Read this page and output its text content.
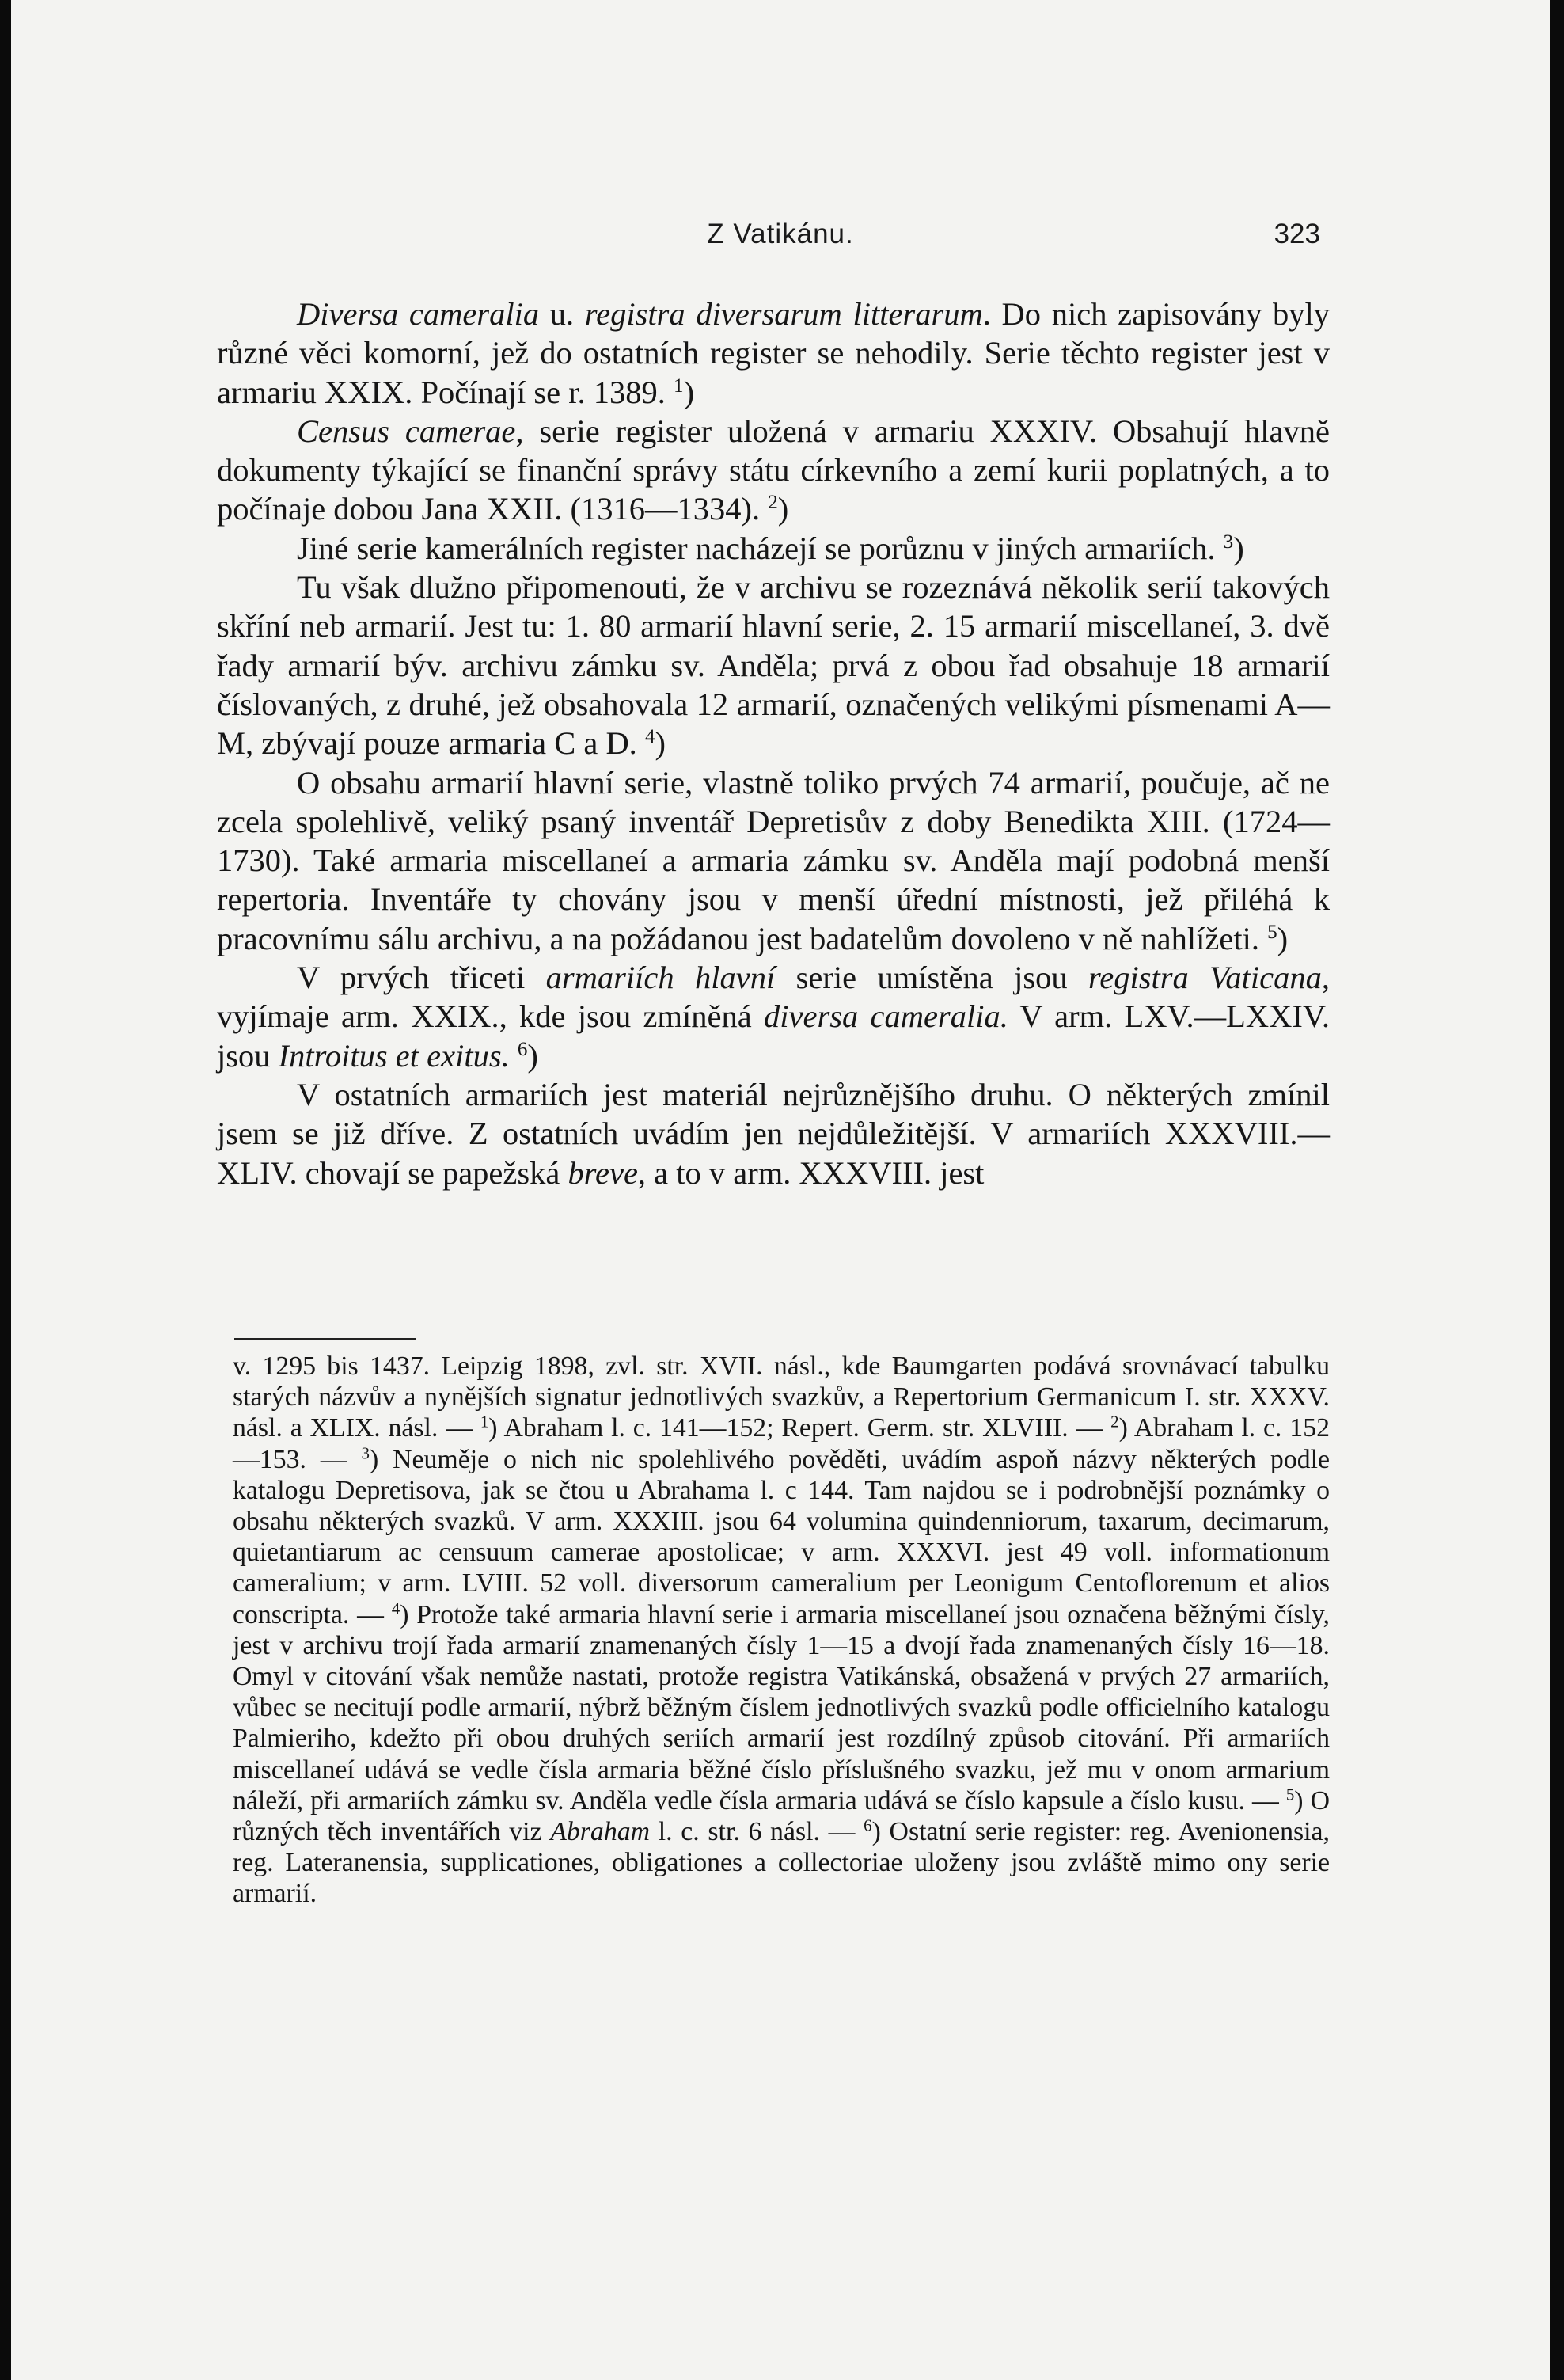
Z Vatikánu.	323

Diversa cameralia u. registra diversarum litterarum. Do nich zapisovány byly různé věci komorní, jež do ostatních register se nehodily. Serie těchto register jest v armariu XXIX. Počínají se r. 1389. $^1$)

Census camerae, serie register uložená v armariu XXXIV. Obsahují hlavně dokumenty týkající se finanční správy státu církevního a zemí kurii poplatných, a to počínaje dobou Jana XXII. (1316—1334). $^2$)

Jiné serie kamerálních register nacházejí se porůznu v jiných armariích. $^3$)

Tu však dlužno připomenouti, že v archivu se rozeznává několik serií takových skříní neb armarií. Jest tu: 1. 80 armarií hlavní serie, 2. 15 armarií miscellaneí, 3. dvě řady armarií býv. archivu zámku sv. Anděla; prvá z obou řad obsahuje 18 armarií číslovaných, z druhé, jež obsahovala 12 armarií, označených velikými písmenami A—M, zbývají pouze armaria C a D. $^4$)

O obsahu armarií hlavní serie, vlastně toliko prvých 74 armarií, poučuje, ač ne zcela spolehlivě, veliký psaný inventář Depretisův z doby Benedikta XIII. (1724—1730). Také armaria miscellaneí a armaria zámku sv. Anděla mají podobná menší repertoria. Inventáře ty chovány jsou v menší úřední místnosti, jež přiléhá k pracovnímu sálu archivu, a na požádanou jest badatelům dovoleno v ně nahlížeti. $^5$)

V prvých třiceti armariích hlavní serie umístěna jsou registra Vaticana, vyjímaje arm. XXIX., kde jsou zmíněná diversa cameralia. V arm. LXV.—LXXIV. jsou Introitus et exitus. $^6$)

V ostatních armariích jest materiál nejrůznějšího druhu. O některých zmínil jsem se již dříve. Z ostatních uvádím jen nejdůležitější. V armariích XXXVIII.—XLIV. chovají se papežská breve, a to v arm. XXXVIII. jest

v. 1295 bis 1437. Leipzig 1898, zvl. str. XVII. násl., kde Baumgarten podává srovnávací tabulku starých názvův a nynějších signatur jednotlivých svazkův, a Repertorium Germanicum I. str. XXXV. násl. a XLIX. násl. — $^1$) Abraham l. c. 141—152; Repert. Germ. str. XLVIII. — $^2$) Abraham l. c. 152—153. — $^3$) Neuměje o nich nic spolehlivého pověděti, uvádím aspoň názvy některých podle katalogu Depretisova, jak se čtou u Abrahama l. c 144. Tam najdou se i podrobnější poznámky o obsahu některých svazků. V arm. XXXIII. jsou 64 volumina quindenniorum, taxarum, decimarum, quietantiarum ac censuum camerae apostolicae; v arm. XXXVI. jest 49 voll. informationum cameralium; v arm. LVIII. 52 voll. diversorum cameralium per Leonigum Centoflorenum et alios conscripta. — $^4$) Protože také armaria hlavní serie i armaria miscellaneí jsou označena běžnými čísly, jest v archivu trojí řada armarií znamenaných čísly 1—15 a dvojí řada znamenaných čísly 16—18. Omyl v citování však nemůže nastati, protože registra Vatikánská, obsažená v prvých 27 armariích, vůbec se necitují podle armarií, nýbrž běžným číslem jednotlivých svazků podle officielního katalogu Palmieriho, kdežto při obou druhých seriích armarií jest rozdílný způsob citování. Při armariích miscellaneí udává se vedle čísla armaria běžné číslo příslušného svazku, jež mu v onom armarium náleží, při armariích zámku sv. Anděla vedle čísla armaria udává se číslo kapsule a číslo kusu. — $^5$) O různých těch inventářích viz Abraham l. c. str. 6 násl. — $^6$) Ostatní serie register: reg. Avenionensia, reg. Lateranensia, supplicationes, obligationes a collectoriae uloženy jsou zvláště mimo ony serie armarií.
